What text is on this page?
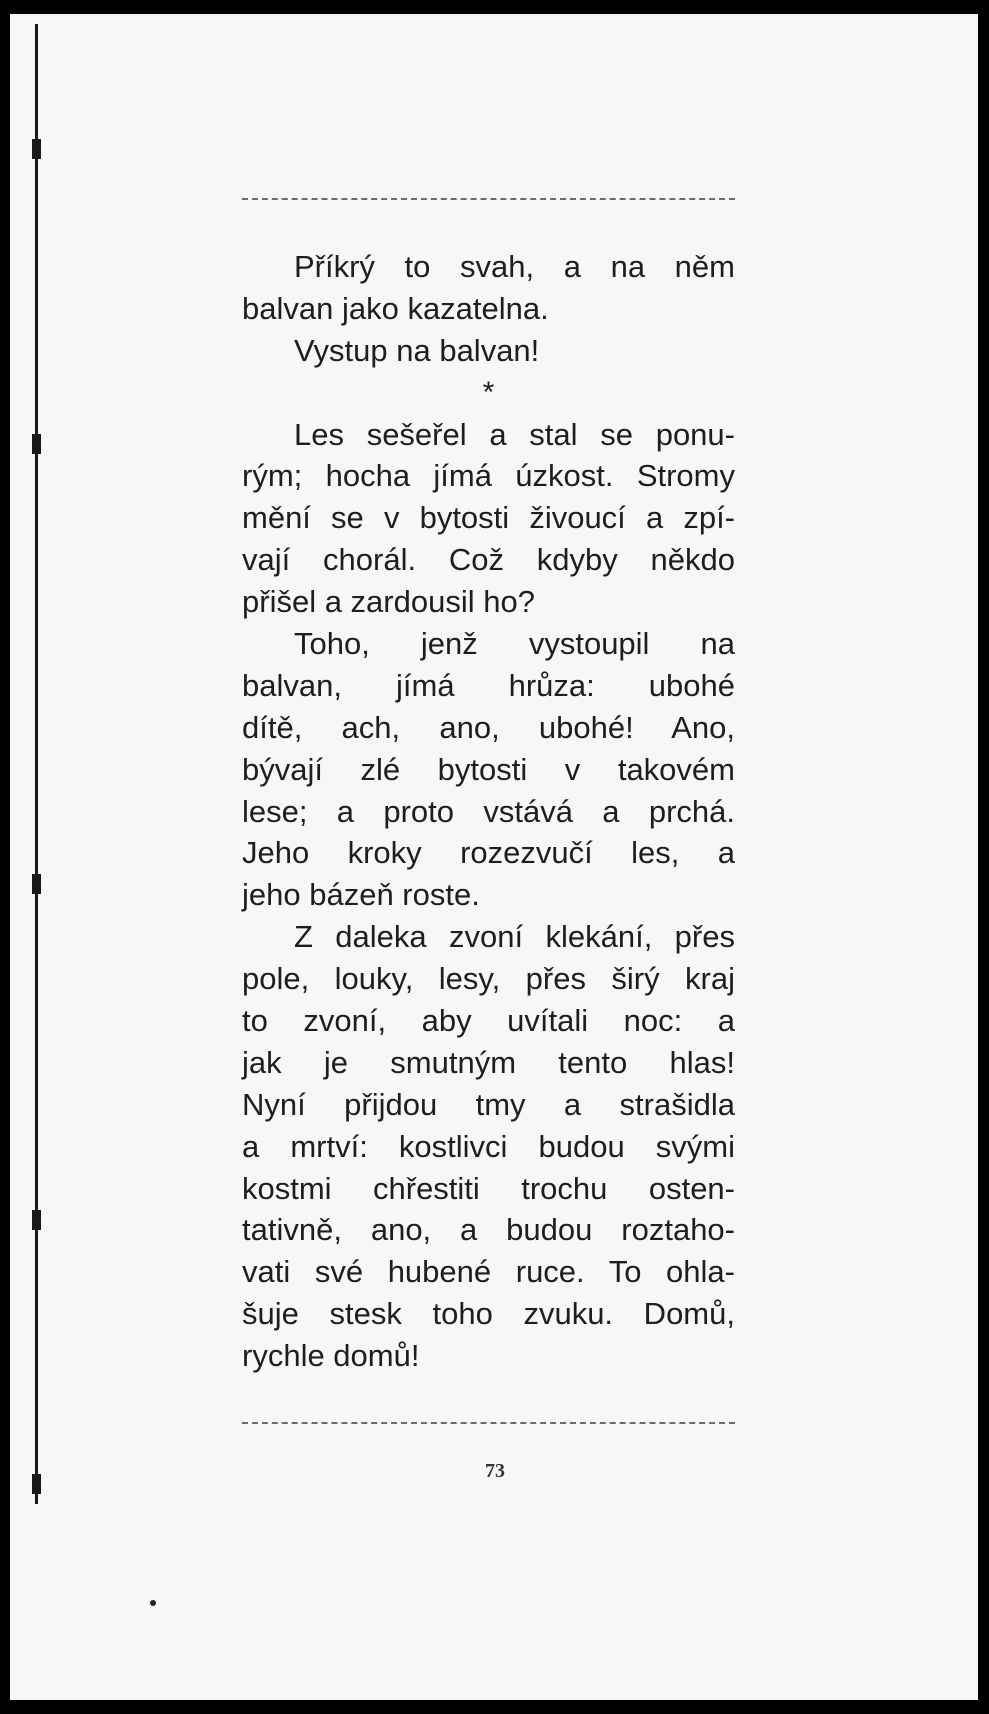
Příkrý to svah, a na něm
balvan jako kazatelna.
Vystup na balvan!
*
Les sešeřel a stal se ponu-
rým; hocha jímá úzkost. Stromy
mění se v bytosti živoucí a zpí-
vají chorál. Což kdyby někdo
přišel a zardousil ho?
Toho, jenž vystoupil na
balvan, jímá hrůza: ubohé
dítě, ach, ano, ubohé! Ano,
bývají zlé bytosti v takovém
lese; a proto vstává a prchá.
Jeho kroky rozezvučí les, a
jeho bázeň roste.
Z daleka zvoní klekání, přes
pole, louky, lesy, přes širý kraj
to zvoní, aby uvítali noc: a
jak je smutným tento hlas!
Nyní přijdou tmy a strašidla
a mrtví: kostlivci budou svými
kostmi chřestiti trochu osten-
tativně, ano, a budou roztaho-
vati své hubené ruce. To ohla-
šuje stesk toho zvuku. Domů,
rychle domů!
73
